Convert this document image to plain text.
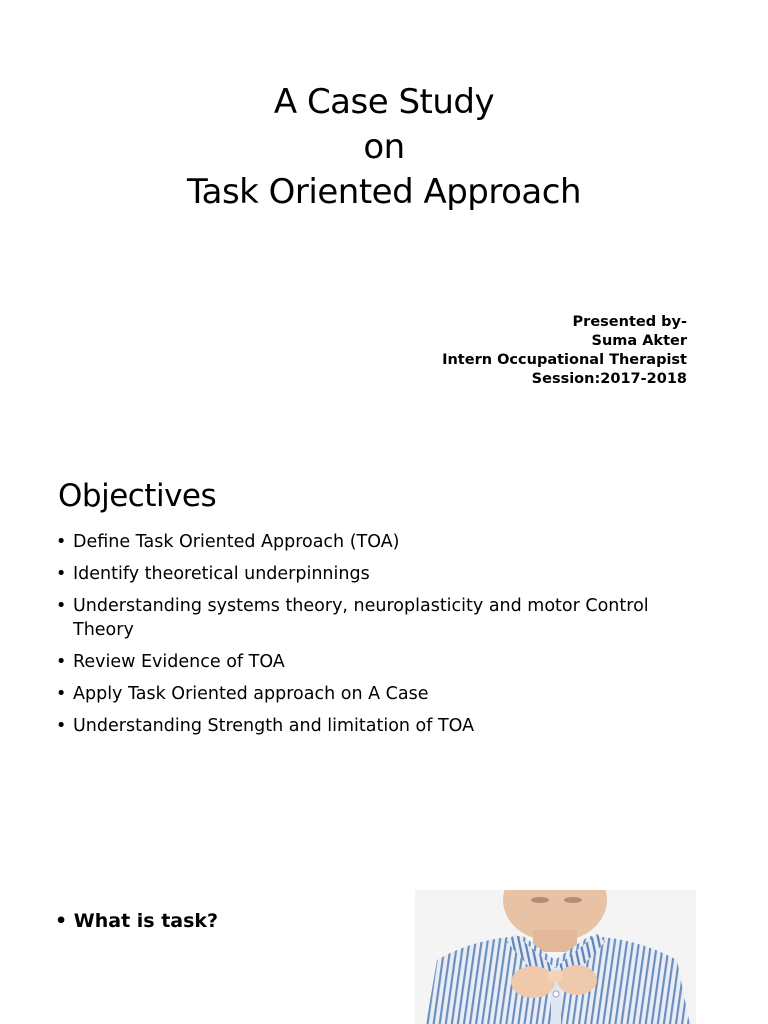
A Case Study
on
Task Oriented Approach
Presented by-
Suma Akter
Intern Occupational Therapist
Session:2017-2018
Objectives
• Define Task Oriented Approach (TOA)
• Identify theoretical underpinnings
• Understanding systems theory, neuroplasticity and motor Control Theory
• Review Evidence of TOA
• Apply Task Oriented approach on A Case
• Understanding Strength and limitation of TOA
• What is task?
